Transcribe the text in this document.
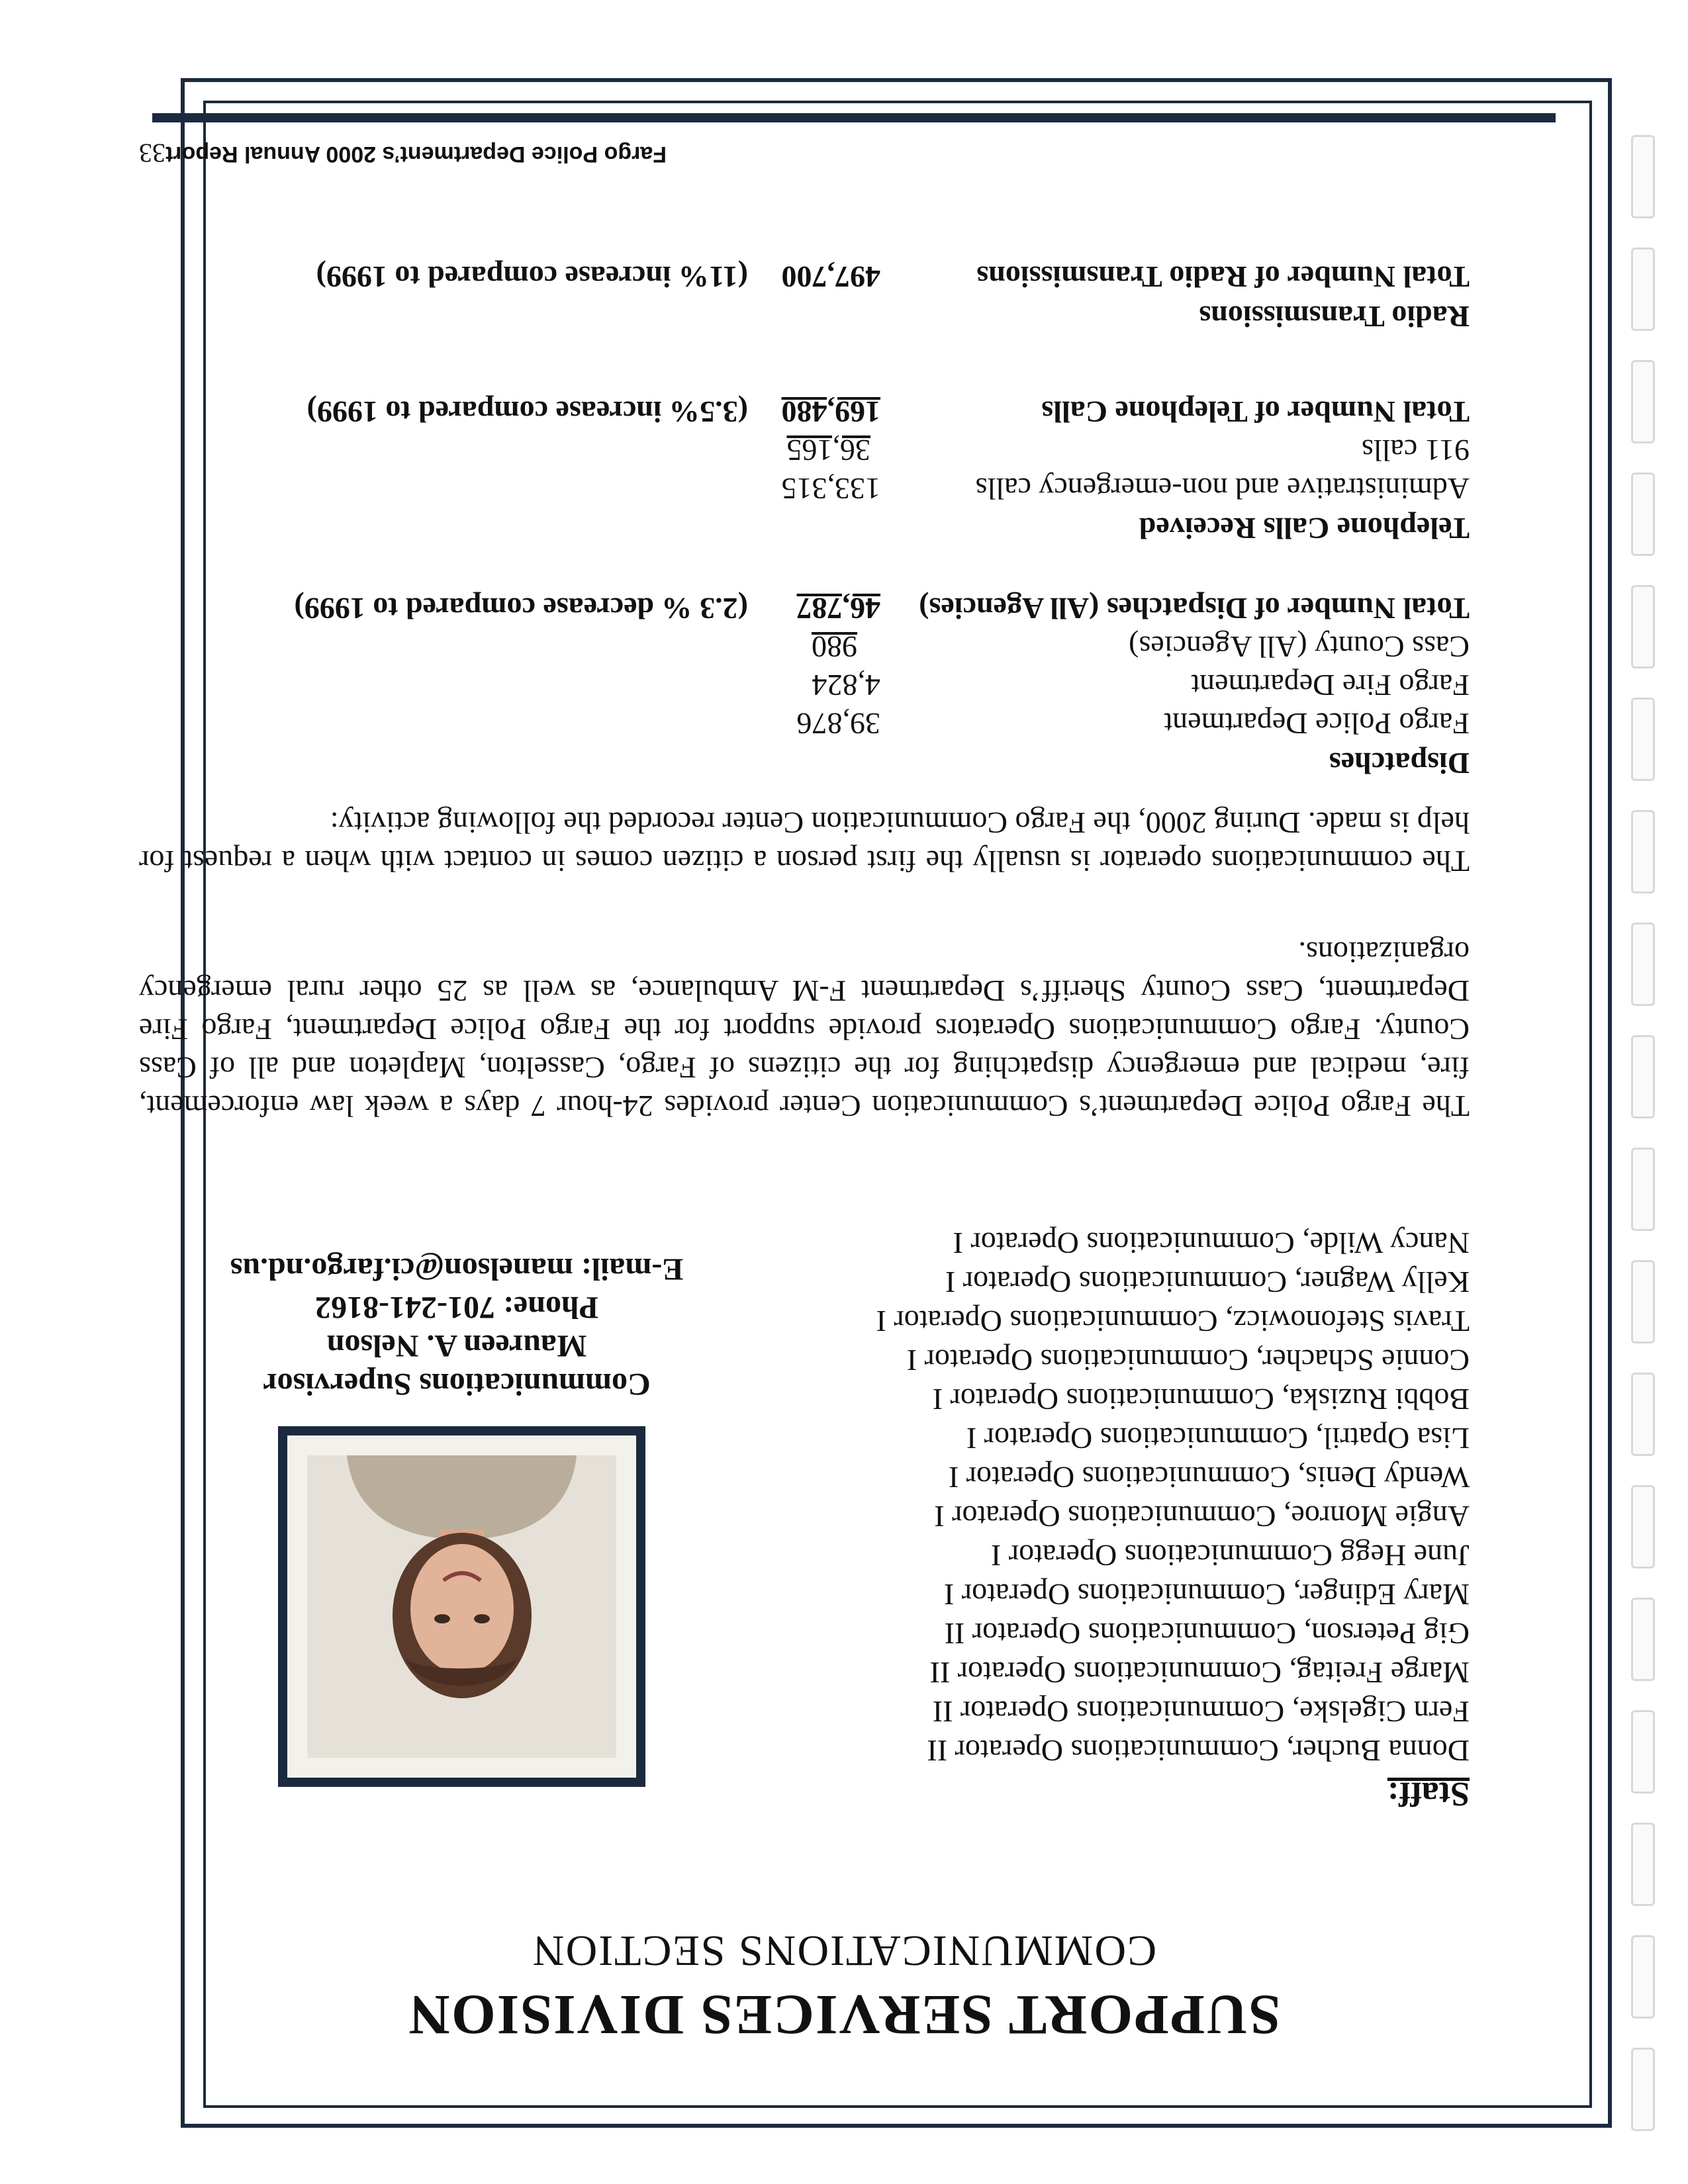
SUPPORT SERVICES DIVISION
COMMUNICATIONS SECTION
Staff:
Donna Bucher, Communications Operator II
Fern Cigelske, Communications Operator II
Marge Freitag, Communications Operator II
Gig Peterson, Communications Operator II
Mary Edinger, Communications Operator I
June Hegg Communications Operator I
Angie Monroe, Communications Operator I
Wendy Denis, Communications Operator I
Lisa Opatril, Communications Operator I
Bobbi Ruziska, Communications Operator I
Connie Schacher, Communications Operator I
Travis Stefonowicz, Communications Operator I
Kelly Wagner, Communications Operator I
Nancy Wilde, Communications Operator I
Communications Supervisor
Maureen A. Nelson
Phone: 701-241-8162
E-mail: manelson@ci.fargo.nd.us
The Fargo Police Department’s Communication Center provides 24-hour 7 days a week law enforcement, fire, medical and emergency dispatching for the citizens of Fargo, Casselton, Mapleton and all of Cass County. Fargo Communications Operators provide support for the Fargo Police Department, Fargo Fire Department, Cass County Sheriff’s Department F-M Ambulance, as well as 25 other rural emergency organizations.
The communications operator is usually the first person a citizen comes in contact with when a request for help is made. During 2000, the Fargo Communication Center recorded the following activity:
Dispatches
Fargo Police Department
39,876
Fargo Fire Department
4,824
Cass County (All Agencies)
980
Total Number of Dispatches (All Agencies)
46,787
(2.3 % decrease compared to 1999)
Telephone Calls Received
Administrative and non-emergency calls
133,315
911 calls
36,165
Total Number of Telephone Calls
169,480
(3.5% increase compared to 1999)
Radio Transmissions
Total Number of Radio Transmissions
497,700
(11% increase compared to 1999)
Fargo Police Department’s 2000 Annual Report
33
